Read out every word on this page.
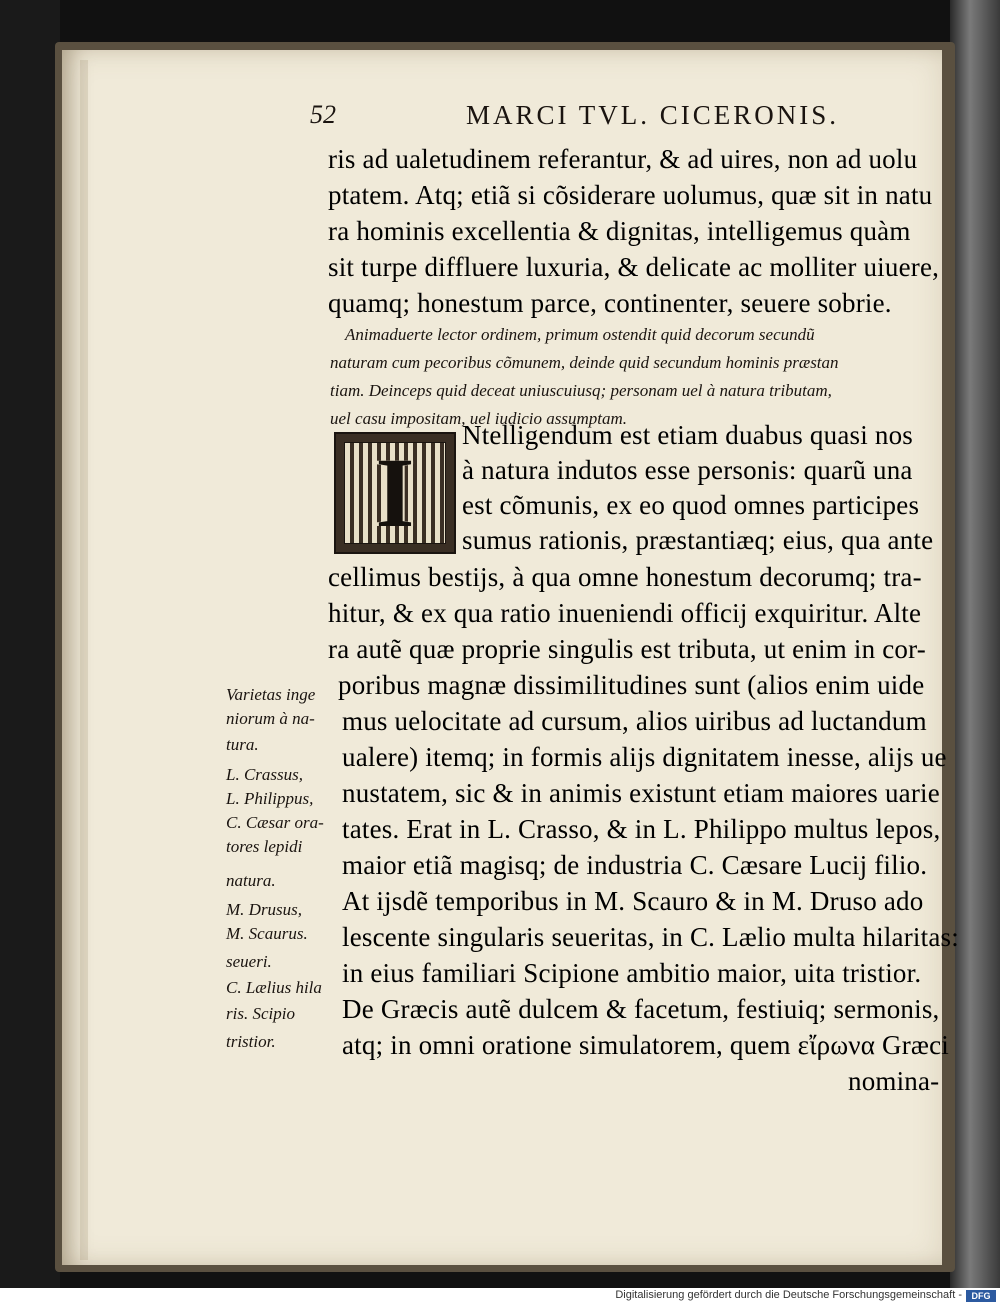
52	MARCI TVL. CICERONIS.
ris ad ualetudinem referantur, & ad uires, non ad uolu
ptatem. Atq; etiã si cõsiderare uolumus, quæ sit in natu
ra hominis excellentia & dignitas, intelligemus quàm
sit turpe diffluere luxuria, & delicate ac molliter uiuere,
quamq; honestum parce, continenter, seuere sobrie.
Animaduerte lector ordinem, primum ostendit quid decorum secundũ
naturam cum pecoribus cõmunem, deinde quid secundum hominis præstan
tiam. Deinceps quid deceat uniuscuiusq; personam uel à natura tributam,
uel casu impositam, uel iudicio assumptam.
I
Ntelligendum est etiam duabus quasi nos
à natura indutos esse personis: quarũ una
est cõmunis, ex eo quod omnes participes
sumus rationis, præstantiæq; eius, qua ante
cellimus bestijs, à qua omne honestum decorumq; tra-
hitur, & ex qua ratio inueniendi officij exquiritur. Alte
ra autẽ quæ proprie singulis est tributa, ut enim in cor-
poribus magnæ dissimilitudines sunt (alios enim uide
mus uelocitate ad cursum, alios uiribus ad luctandum
ualere) itemq; in formis alijs dignitatem inesse, alijs ue
nustatem, sic & in animis existunt etiam maiores uarie
tates. Erat in L. Crasso, & in L. Philippo multus lepos,
maior etiã magisq; de industria C. Cæsare Lucij filio.
At ijsdẽ temporibus in M. Scauro & in M. Druso ado
lescente singularis seueritas, in C. Lælio multa hilaritas:
in eius familiari Scipione ambitio maior, uita tristior.
De Græcis autẽ dulcem & facetum, festiuiq; sermonis,
atq; in omni oratione simulatorem, quem εἴρωνα Græci
nomina-
Varietas inge
niorum à na-
tura.
L. Crassus,
L. Philippus,
C. Cæsar ora-
tores lepidi
natura.
M. Drusus,
M. Scaurus.
seueri.
C. Lælius hila
ris. Scipio
tristior.
Digitalisierung gefördert durch die Deutsche Forschungsgemeinschaft -	DFG
